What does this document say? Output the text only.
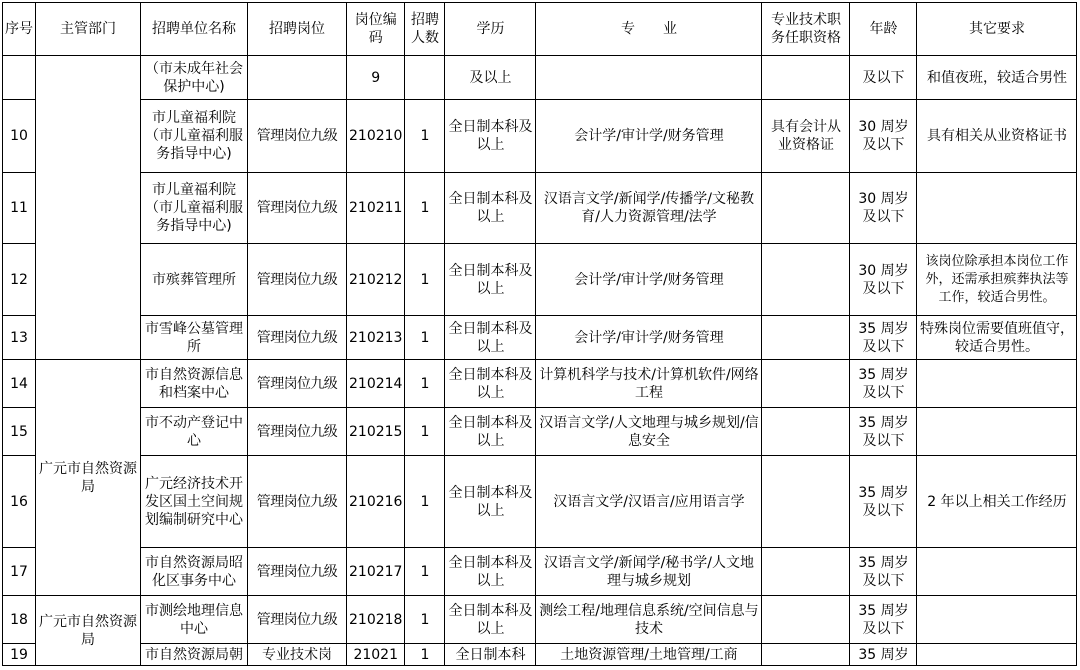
序号	主管部门	招聘单位名称	招聘岗位	岗位编码	招聘人数	学历	专　　业	专业技术职务任职资格	年龄	其它要求
		（市未成年社会保护中心)		9		及以上			及以下	和值夜班，较适合男性
10		市儿童福利院（市儿童福利服务指导中心)	管理岗位九级	210210	1	全日制本科及以上	会计学/审计学/财务管理	具有会计从业资格证	30 周岁及以下	具有相关从业资格证书
11		市儿童福利院（市儿童福利服务指导中心)	管理岗位九级	210211	1	全日制本科及以上	汉语言文学/新闻学/传播学/文秘教育/人力资源管理/法学		30 周岁及以下	
12		市殡葬管理所	管理岗位九级	210212	1	全日制本科及以上	会计学/审计学/财务管理		30 周岁及以下	该岗位除承担本岗位工作外，还需承担殡葬执法等工作，较适合男性。
13		市雪峰公墓管理所	管理岗位九级	210213	1	全日制本科及以上	会计学/审计学/财务管理		35 周岁及以下	特殊岗位需要值班值守，较适合男性。
14	广元市自然资源局	市自然资源信息和档案中心	管理岗位九级	210214	1	全日制本科及以上	计算机科学与技术/计算机软件/网络工程		35 周岁及以下	
15		市不动产登记中心	管理岗位九级	210215	1	全日制本科及以上	汉语言文学/人文地理与城乡规划/信息安全		35 周岁及以下	
16		广元经济技术开发区国土空间规划编制研究中心	管理岗位九级	210216	1	全日制本科及以上	汉语言文学/汉语言/应用语言学		35 周岁及以下	2 年以上相关工作经历
17		市自然资源局昭化区事务中心	管理岗位九级	210217	1	全日制本科及以上	汉语言文学/新闻学/秘书学/人文地理与城乡规划		35 周岁及以下	
18	广元市自然资源局	市测绘地理信息中心	管理岗位九级	210218	1	全日制本科及以上	测绘工程/地理信息系统/空间信息与技术		35 周岁及以下	
19		市自然资源局朝	专业技术岗	21021	1	全日制本科	土地资源管理/土地管理/工商		35 周岁	
